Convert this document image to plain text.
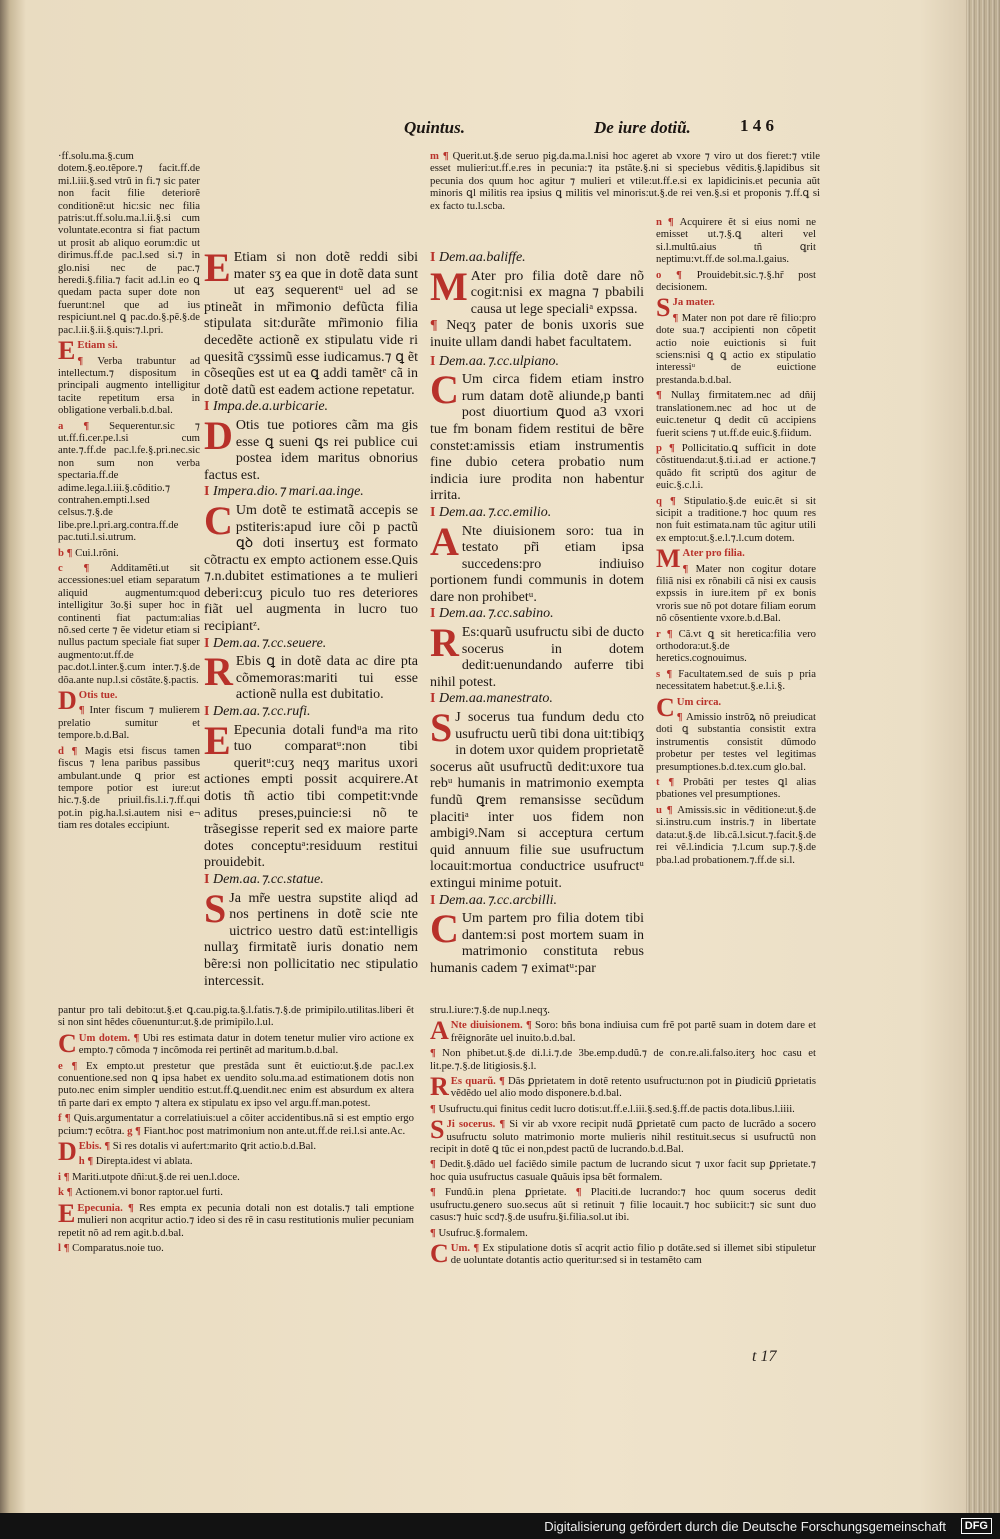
Quintus.	De iure dotiũ.	1 4 6

·ff.solu.ma.§.cum dotem.§.eo.tẽpore.⁊ facit.ff.de mi.l.iii.§.sed vtrũ in fi.⁊ sic pater non facit filie deteriorẽ conditionẽ:ut hic:sic nec filia patris:ut.ff.solu.ma.l.ii.§.si cum voluntate.econtra si fiat pactum ut prosit ab aliquo eorum:dic ut dirimus.ff.de pac.l.sed si.⁊ in glo.nisi nec de pac.⁊ heredi.§.filia.⁊ facit ad.l.in eo ꝗ quedam pacta super dote non fuerunt:nel que ad ius respiciunt.nel ꝗ pac.do.§.pẽ.§.de pac.l.ii.§.ii.§.quis:⁊.l.pri.

E Etiam si.

¶ Verba trabuntur ad intellectum.⁊ dispositum in principali augmento intelligitur tacite repetitum ersa in obligatione verbali.b.d.bal.

a ¶ Sequerentur.sic ⁊ ut.ff.fi.cer.pe.l.si cum ante.⁊.ff.de pac.l.fe.§.pri.nec.sic non sum non verba spectaria.ff.de adime.lega.l.iii.§.cõditio.⁊ contrahen.empti.l.sed celsus.⁊.§.de libe.pre.l.pri.arg.contra.ff.de pac.tuti.l.si.utrum.

b ¶ Cui.l.rõni.

c ¶ Additamẽti.ut sit accessiones:uel etiam separatum aliquid augmentum:quod intelligitur 3o.§i super hoc in continenti fiat pactum:alias nõ.sed certe ⁊ ẽe videtur etiam si nullus pactum speciale fiat super augmento:ut.ff.de pac.dot.l.inter.§.cum inter.⁊.§.de dõa.ante nup.l.si cõstãte.§.pactis.

D Otis tue.

¶ Inter fiscum ⁊ mulierem prelatio sumitur et tempore.b.d.Bal.

d ¶ Magis etsi fiscus tamen fiscus ⁊ lena paribus passibus ambulant.unde ꝗ prior est tempore potior est iure:ut hic.⁊.§.de priuil.fis.l.i.⁊.ff.qui pot.in pig.ha.l.si.autem nisi e¬ tiam res dotales eccipiunt.

E Etiam si non dotẽ reddi sibi mater sʒ ea que in dotẽ data sunt ut eaʒ sequerentᵘ uel ad se ptineãt in mr̃imonio defũcta filia stipulata sit:durãte mr̃imonio filia decedẽte actionẽ ex stipulatu vide ri quesitã cʒssimũ esse iudicamus.⁊ ꝗ ẽt cõseqũes est ut ea ꝗ addi tamẽtᵉ cã in dotẽ datũ est eadem actione repetatur.

I Impa.de.a.urbicarie.

D Otis tue potiores cãm ma gis esse ꝗ sueni ꝗs rei publice cui postea idem maritus obnorius factus est.

I Impera.dio.⁊ mari.aa.inge.

C Um dotẽ te estimatã accepis se pstiteris:apud iure cõi p pactũ ꝗꝺ doti insertuʒ est formato cõtractu ex empto actionem esse.Quis ⁊.n.dubitet estimationes a te mulieri deberi:cuʒ piculo tuo res deteriores fiãt uel augmenta in lucro tuo recipiantᶻ.

I Dem.aa.⁊.cc.seuere.

R Ebis ꝗ in dotẽ data ac dire pta cõmemoras:mariti tui esse actionẽ nulla est dubitatio.

I Dem.aa.⁊.cc.rufi.

E Epecunia dotali fundᵘa ma rito tuo comparatᵘ:non tibi queritᵘ:cuʒ neqʒ maritus uxori actiones empti possit acquirere.At dotis tñ actio tibi competit:vnde aditus preses,puincie:si nõ te trãsegisse reperit sed ex maiore parte dotes conceptuᵃ:residuum restitui prouidebit.

I Dem.aa.⁊.cc.statue.

S Ja mr̃e uestra supstite aliqd ad nos pertinens in dotẽ scie nte uictrico uestro datũ est:intelligis nullaʒ firmitatẽ iuris donatio nem bẽre:si non pollicitatio nec stipulatio intercessit.

m ¶ Querit.ut.§.de seruo pig.da.ma.l.nisi hoc ageret ab vxore ⁊ viro ut dos fieret:⁊ vtile esset mulieri:ut.ff.e.res in pecunia:⁊ ita pstãte.§.ni si speciebus vẽditis.§.lapidibus sit pecunia dos quum hoc agitur ⁊ mulieri et vtile:ut.ff.e.si ex lapidicinis.et pecunia aũt minoris ꝗl militis rea ipsius ꝗ militis vel minoris:ut.§.de rei ven.§.si et proponis ⁊.ff.ꝗ si ex facto tu.l.scba.

I Dem.aa.baliffe.

M Ater pro filia dotẽ dare nõ cogit:nisi ex magna ⁊ pbabili causa ut lege specialiᵃ expssa.

¶ Neqʒ pater de bonis uxoris sue inuite ullam dandi habet facultatem.

I Dem.aa.⁊.cc.ulpiano.

C Um circa fidem etiam instro rum datam dotẽ aliunde,p banti post diuortium ꝗuod a3 vxori tue fm bonam fidem restitui de bẽre constet:amissis etiam instrumentis fine dubio cetera probatio num indicia iure prodita non habentur irrita.

I Dem.aa.⁊.cc.emilio.

A Nte diuisionem soro: tua in testato pr̃i etiam ipsa succedens:pro indiuiso portionem fundi communis in dotem dare non prohibetᵘ.

I Dem.aa.⁊.cc.sabino.

R Es:quarũ usufructu sibi de ducto socerus in dotem dedit:uenundando auferre tibi nihil potest.

I Dem.aa.manestrato.

S J socerus tua fundum dedu cto usufructu uerũ tibi dona uit:tibiqʒ in dotem uxor quidem proprietatẽ socerus aũt usufructũ dedit:uxore tua rebᵘ humanis in matrimonio exempta fundũ ꝗrem remansisse secũdum placitiᵃ inter uos fidem non ambigiꝰ.Nam si acceptura certum quid annuum filie sue usufructum locauit:mortua conductrice usufructᵘ extingui minime potuit.

I Dem.aa.⁊.cc.arcbilli.

C Um partem pro filia dotem tibi dantem:si post mortem suam in matrimonio constituta rebus humanis cadem ⁊ eximatᵘ:par

n ¶ Acquirere ẽt si eius nomi ne emisset ut.⁊.§.ꝗ alteri vel si.l.multũ.aius tñ ꝗrit neptimu:vt.ff.de sol.ma.l.gaius.

o ¶ Prouidebit.sic.⁊.§.hr̃ post decisionem.

S Ja mater.

¶ Mater non pot dare rẽ filio:pro dote sua.⁊ accipienti non cõpetit actio noie euictionis si fuit sciens:nisi ꝗ ꝗ actio ex stipulatio interessiᵘ de euictione prestanda.b.d.bal.

¶ Nullaʒ firmitatem.nec ad dñij translationem.nec ad hoc ut de euic.tenetur ꝗ dedit cũ accipiens fuerit sciens ⁊ ut.ff.de euic.§.fiidum.

p ¶ Pollicitatio.ꝗ sufficit in dote cõstituenda:ut.§.ti.i.ad er actione.⁊ quãdo fit scriptũ dos agitur de euic.§.c.l.i.

q ¶ Stipulatio.§.de euic.ẽt si sit sicipit a traditione.⁊ hoc quum res non fuit estimata.nam tũc agitur utili ex empto:ut.§.e.l.⁊.l.cum dotem.

M Ater pro filia.

¶ Mater non cogitur dotare filiã nisi ex rõnabili cã nisi ex causis expssis in iure.item pr̃ ex bonis vroris sue nõ pot dotare filiam eorum nõ cõsentiente vxore.b.d.Bal.

r ¶ Cã.vt ꝗ sit heretica:filia vero orthodora:ut.§.de heretics.cognouimus.

s ¶ Facultatem.sed de suis p pria necessitatem habet:ut.§.e.l.i.§.

C Um circa.

¶ Amissio instrõꝝ nõ preiudicat doti ꝗ substantia consistit extra instrumentis consistit dũmodo probetur per testes vel legitimas presumptiones.b.d.tex.cum glo.bal.

t ¶ Probãti per testes ꝗl alias pbationes vel presumptiones.

u ¶ Amissis.sic in vẽditione:ut.§.de si.instru.cum instris.⁊ in libertate data:ut.§.de lib.cã.l.sicut.⁊.facit.§.de rei vẽ.l.indicia ⁊.l.cum sup.⁊.§.de pba.l.ad probationem.⁊.ff.de si.l.

pantur pro tali debito:ut.§.et ꝗ.cau.pig.ta.§.l.fatis.⁊.§.de primipilo.utilitas.liberi ẽt si non sint hẽdes cõuenuntur:ut.§.de primipilo.l.ul.

C Um dotem. ¶ Ubi res estimata datur in dotem tenetur mulier viro actione ex empto.⁊ cõmoda ⁊ incõmoda rei pertinẽt ad maritum.b.d.bal.

e ¶ Ex empto.ut prestetur que prestãda sunt ẽt euictio:ut.§.de pac.l.ex conuentione.sed non ꝗ ipsa habet ex uendito solu.ma.ad estimationem dotis non puto.nec enim simpler uenditio est:ut.ff.ꝗ.uendit.nec enim est absurdum ex altera tñ parte dari ex empto ⁊ altera ex stipulatu ex ipso vel argu.ff.man.potest.

f ¶ Quis.argumentatur a correlatiuis:uel a cõiter accidentibus.nã si est emptio ergo pcium:⁊ ecõtra. g ¶ Fiant.hoc post matrimonium non ante.ut.ff.de rei.l.si ante.Ac.

D Ebis. ¶ Si res dotalis vi aufert:marito ꝗrit actio.b.d.Bal.

h ¶ Direpta.idest vi ablata.

i ¶ Mariti.utpote dñi:ut.§.de rei uen.l.doce.

k ¶ Actionem.vi bonor raptor.uel furti.

E Epecunia. ¶ Res empta ex pecunia dotali non est dotalis.⁊ tali emptione mulieri non acqritur actio.⁊ ideo si des rẽ in casu restitutionis mulier pecuniam repetit nõ ad rem agit.b.d.bal.

l ¶ Comparatus.noie tuo.

stru.l.iure:⁊.§.de nup.l.neqʒ.

A Nte diuisionem. ¶ Soro: bñs bona indiuisa cum frẽ pot partẽ suam in dotem dare et frẽignorãte uel inuito.b.d.bal.

¶ Non phibet.ut.§.de di.l.i.⁊.de 3be.emp.dudũ.⁊ de con.re.ali.falso.iterʒ hoc casu et lit.pe.⁊.§.de litigiosis.§.l.

R Es quarũ. ¶ Dãs ꝑprietatem in dotẽ retento usufructu:non pot in ꝑiudiciũ ꝑprietatis vẽdẽdo uel alio modo disponere.b.d.bal.

¶ Usufructu.qui finitus cedit lucro dotis:ut.ff.e.l.iii.§.sed.§.ff.de pactis dota.libus.l.iiii.

S Ji socerus. ¶ Si vir ab vxore recipit nudã ꝑprietatẽ cum pacto de lucrãdo a socero usufructu soluto matrimonio morte mulieris nihil restituit.secus si usufructũ non recipit in dotẽ ꝗ tũc ei non,pdest pactũ de lucrando.b.d.Bal.

¶ Dedit.§.dãdo uel faciẽdo simile pactum de lucrando sicut ⁊ uxor facit sup ꝑprietate.⁊ hoc quia usufructus casuale ꝗuãuis ipsa bẽt formalem.

¶ Fundũ.in plena ꝑprietate. ¶ Placiti.de lucrando:⁊ hoc quum socerus dedit usufructu.genero suo.secus aũt si retinuit ⁊ filie locauit.⁊ hoc subiicit:⁊ sic sunt duo casus:⁊ huic scd⁊.§.de usufru.§i.filia.sol.ut ibi.

¶ Usufruc.§.formalem.

C Um. ¶ Ex stipulatione dotis sĩ acqrit actio filio p dotãte.sed si illemet sibi stipuletur de uoluntate dotantis actio queritur:sed si in testamẽto cam

t 17
Digitalisierung gefördert durch die Deutsche Forschungsgemeinschaft	DFG
